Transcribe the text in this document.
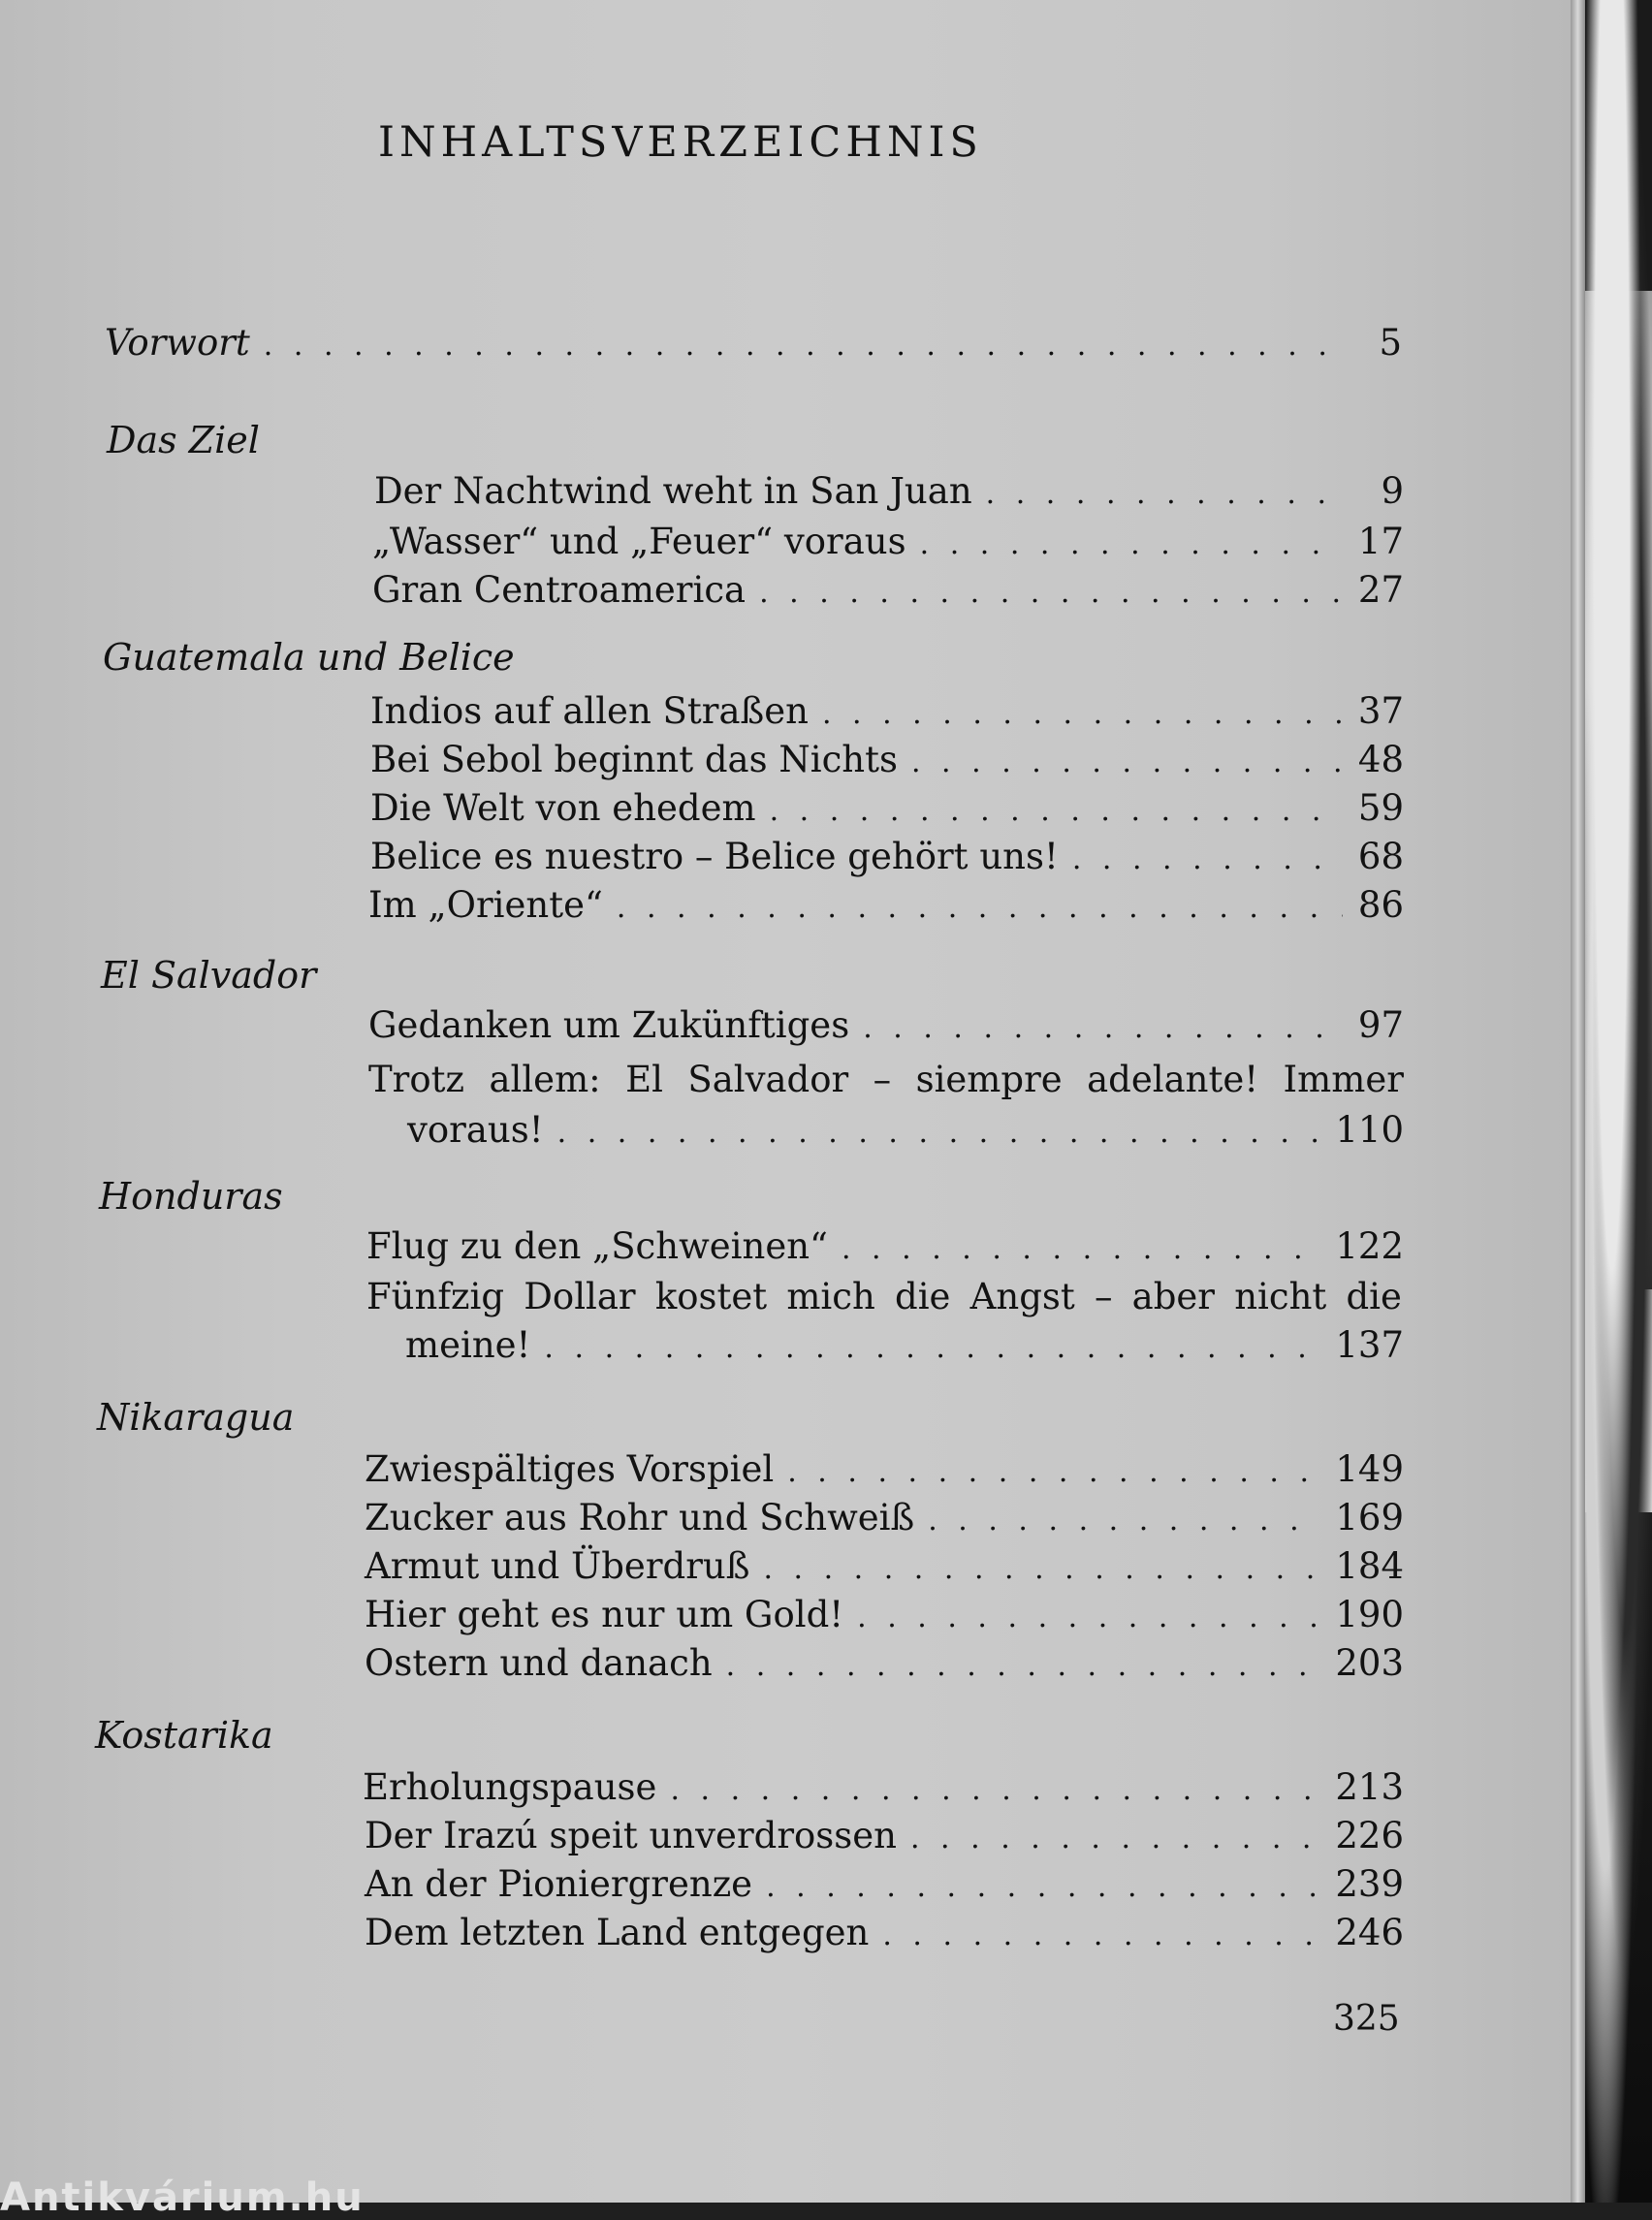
INHALTSVERZEICHNIS
Vorwort . . .	5
Das Ziel
Der Nachtwind weht in San Juan . . .	9
„Wasser“ und „Feuer“ voraus . . .	17
Gran Centroamerica . . .	27
Guatemala und Belice
Indios auf allen Straßen . . .	37
Bei Sebol beginnt das Nichts . . .	48
Die Welt von ehedem . . .	59
Belice es nuestro – Belice gehört uns! . . .	68
Im „Oriente“ . . .	86
El Salvador
Gedanken um Zukünftiges . . .	97
Trotz allem: El Salvador – siempre adelante! Immer
voraus! . . .	110
Honduras
Flug zu den „Schweinen“ . . .	122
Fünfzig Dollar kostet mich die Angst – aber nicht die
meine! . . .	137
Nikaragua
Zwiespältiges Vorspiel . . .	149
Zucker aus Rohr und Schweiß . . .	169
Armut und Überdruß . . .	184
Hier geht es nur um Gold! . . .	190
Ostern und danach . . .	203
Kostarika
Erholungspause . . .	213
Der Irazú speit unverdrossen . . .	226
An der Pioniergrenze . . .	239
Dem letzten Land entgegen . . .	246
325
Antikvárium.hu
